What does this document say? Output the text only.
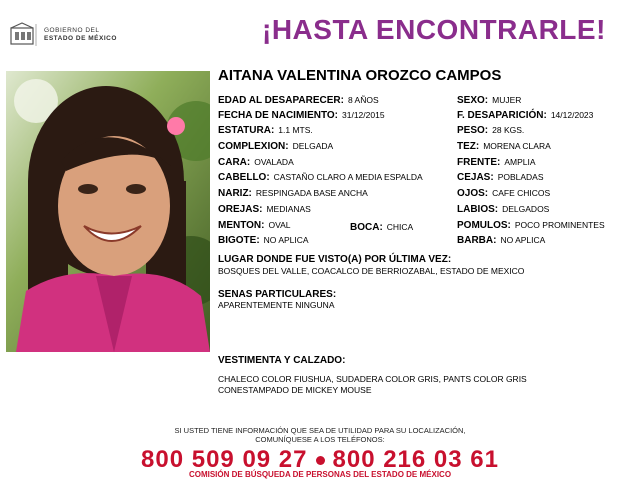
GOBIERNO DEL
ESTADO DE MÉXICO	¡HASTA ENCONTRARLE!
AITANA VALENTINA OROZCO CAMPOS
EDAD AL DESAPARECER: 8 AÑOS
FECHA DE NACIMIENTO: 31/12/2015
ESTATURA: 1.1 MTS.
COMPLEXION: DELGADA
CARA: OVALADA
CABELLO: CASTAÑO CLARO A MEDIA ESPALDA
NARIZ: RESPINGADA BASE ANCHA
OREJAS: MEDIANAS
MENTON: OVAL	BOCA: CHICA
BIGOTE: NO APLICA
SEXO: MUJER
F. DESAPARICIÓN: 14/12/2023
PESO: 28 KGS.
TEZ: MORENA CLARA
FRENTE: AMPLIA
CEJAS: POBLADAS
OJOS: CAFE CHICOS
LABIOS: DELGADOS
POMULOS: POCO PROMINENTES
BARBA: NO APLICA
LUGAR DONDE FUE VISTO(A) POR ÚLTIMA VEZ:
BOSQUES DEL VALLE, COACALCO DE BERRIOZABAL, ESTADO DE MEXICO
SENAS PARTICULARES:
APARENTEMENTE NINGUNA
VESTIMENTA Y CALZADO:
CHALECO COLOR FIUSHUA, SUDADERA COLOR GRIS, PANTS COLOR GRIS
CONESTAMPADO DE MICKEY MOUSE
SI USTED TIENE INFORMACIÓN QUE SEA DE UTILIDAD PARA SU LOCALIZACIÓN,
COMUNÍQUESE A LOS TELÉFONOS:
800 509 09 27 800 216 03 61
COMISIÓN DE BÚSQUEDA DE PERSONAS DEL ESTADO DE MÉXICO
